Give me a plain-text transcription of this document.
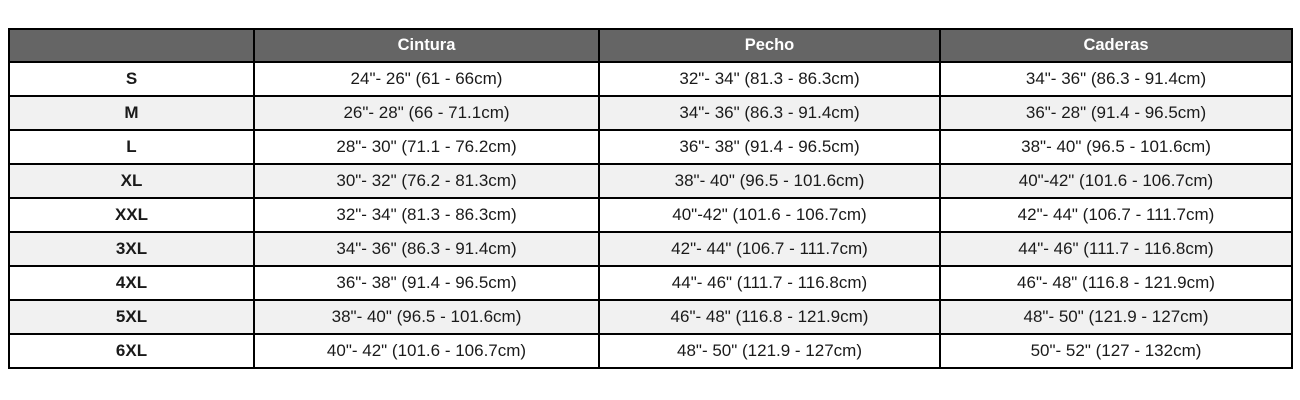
	Cintura	Pecho	Caderas
S	24"- 26" (61 - 66cm)	32"- 34" (81.3 - 86.3cm)	34"- 36" (86.3 - 91.4cm)
M	26"- 28" (66 - 71.1cm)	34"- 36" (86.3 - 91.4cm)	36"- 28" (91.4 - 96.5cm)
L	28"- 30" (71.1 - 76.2cm)	36"- 38" (91.4 - 96.5cm)	38"- 40" (96.5 - 101.6cm)
XL	30"- 32" (76.2 - 81.3cm)	38"- 40" (96.5 - 101.6cm)	40"-42" (101.6 - 106.7cm)
XXL	32"- 34" (81.3 - 86.3cm)	40"-42" (101.6 - 106.7cm)	42"- 44" (106.7 - 111.7cm)
3XL	34"- 36" (86.3 - 91.4cm)	42"- 44" (106.7 - 111.7cm)	44"- 46" (111.7 - 116.8cm)
4XL	36"- 38" (91.4 - 96.5cm)	44"- 46" (111.7 - 116.8cm)	46"- 48" (116.8 - 121.9cm)
5XL	38"- 40" (96.5 - 101.6cm)	46"- 48" (116.8 - 121.9cm)	48"- 50" (121.9 - 127cm)
6XL	40"- 42" (101.6 - 106.7cm)	48"- 50" (121.9 - 127cm)	50"- 52" (127 - 132cm)
